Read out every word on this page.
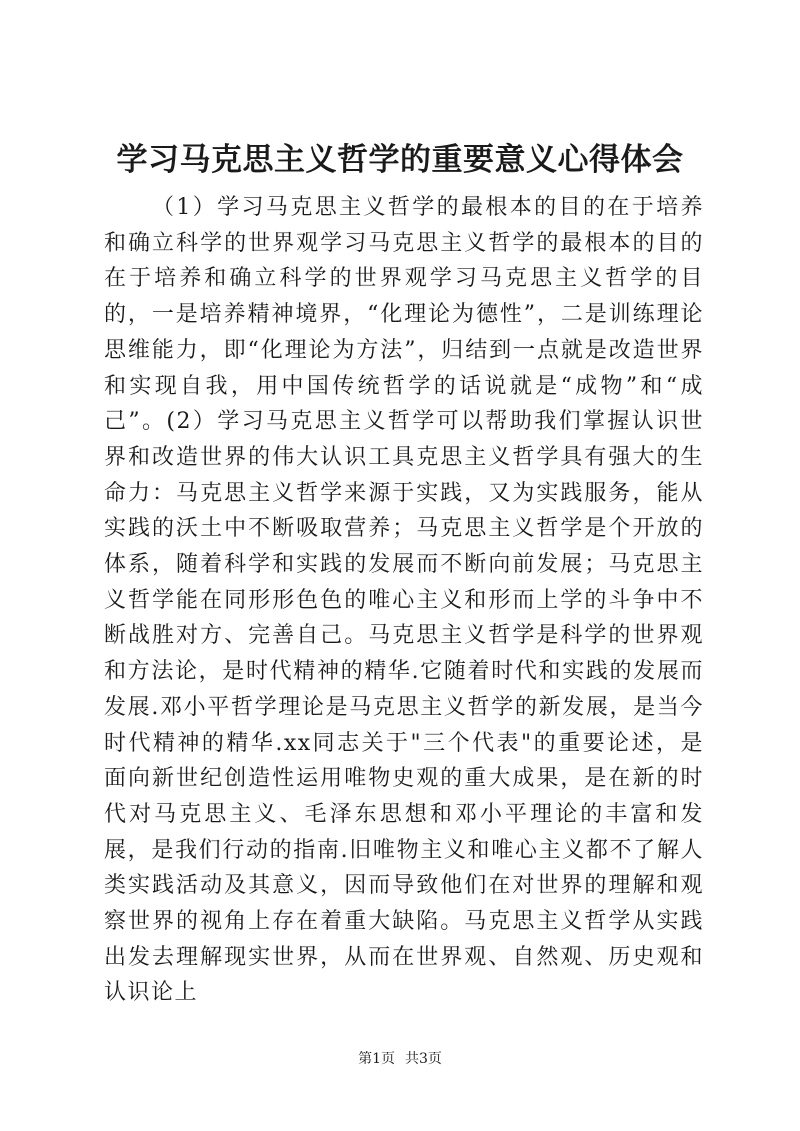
学习马克思主义哲学的重要意义心得体会

（1）学习马克思主义哲学的最根本的目的在于培养和确立科学的世界观学习马克思主义哲学的最根本的目的在于培养和确立科学的世界观学习马克思主义哲学的目的，一是培养精神境界，“化理论为德性”，二是训练理论思维能力，即“化理论为方法”，归结到一点就是改造世界和实现自我，用中国传统哲学的话说就是“成物”和“成己”。(2）学习马克思主义哲学可以帮助我们掌握认识世界和改造世界的伟大认识工具克思主义哲学具有强大的生命力：马克思主义哲学来源于实践，又为实践服务，能从实践的沃土中不断吸取营养；马克思主义哲学是个开放的体系，随着科学和实践的发展而不断向前发展；马克思主义哲学能在同形形色色的唯心主义和形而上学的斗争中不断战胜对方、完善自己。马克思主义哲学是科学的世界观和方法论，是时代精神的精华.它随着时代和实践的发展而发展.邓小平哲学理论是马克思主义哲学的新发展，是当今时代精神的精华.xx同志关于"三个代表"的重要论述，是面向新世纪创造性运用唯物史观的重大成果，是在新的时代对马克思主义、毛泽东思想和邓小平理论的丰富和发展，是我们行动的指南.旧唯物主义和唯心主义都不了解人类实践活动及其意义，因而导致他们在对世界的理解和观察世界的视角上存在着重大缺陷。马克思主义哲学从实践出发去理解现实世界，从而在世界观、自然观、历史观和认识论上

第1页 共3页
